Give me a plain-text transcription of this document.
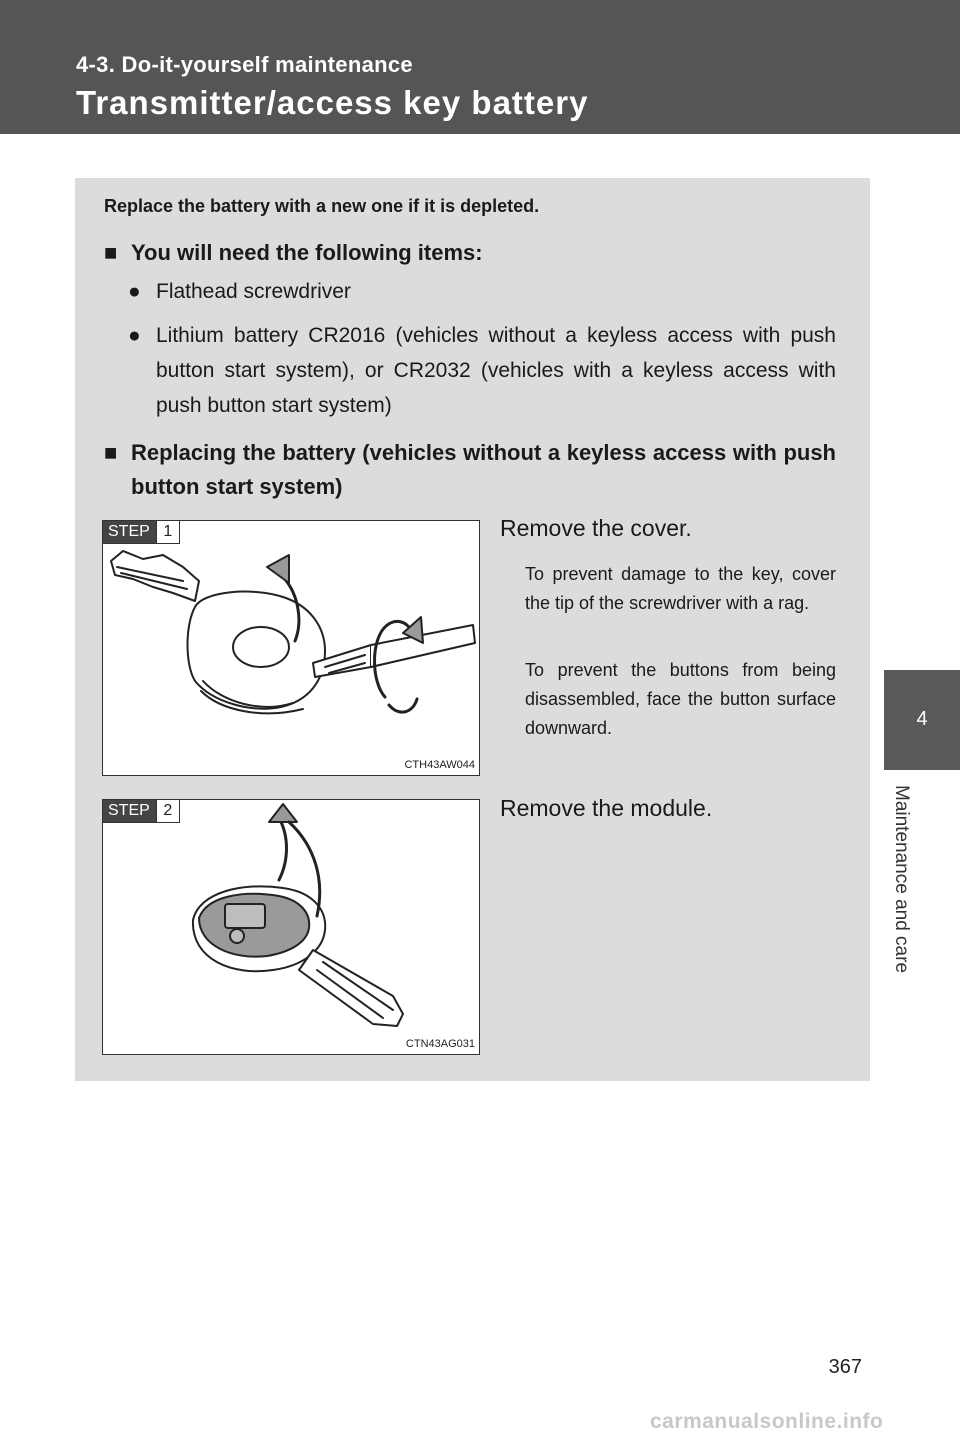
4-3. Do-it-yourself maintenance
Transmitter/access key battery
4
Maintenance and care
Replace the battery with a new one if it is depleted.
■ You will need the following items:
● Flathead screwdriver
● Lithium battery CR2016 (vehicles without a keyless access with push button start system), or CR2032 (vehicles with a keyless access with push button start system)
■ Replacing the battery (vehicles without a keyless access with push button start system)
STEP 1
CTH43AW044
Remove the cover.
To prevent damage to the key, cover the tip of the screwdriver with a rag.
To prevent the buttons from being disassembled, face the button surface downward.
STEP 2
CTN43AG031
Remove the module.
367
carmanualsonline.info
